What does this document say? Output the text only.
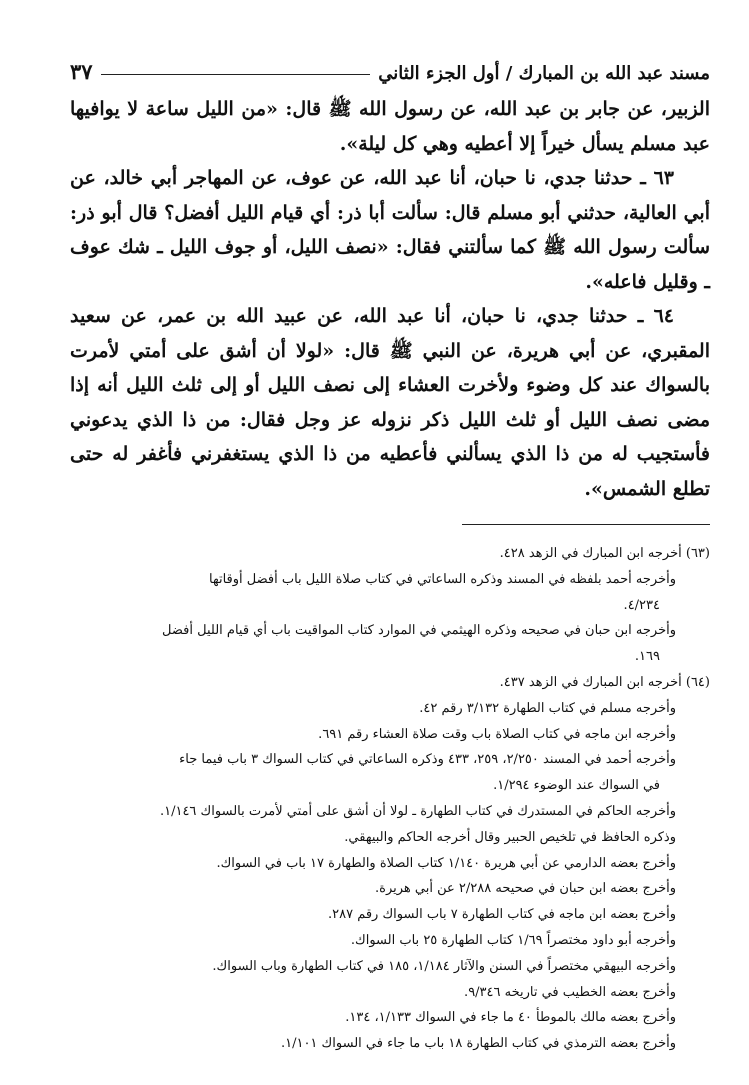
مسند عبد الله بن المبارك / أول الجزء الثاني
٣٧

الزبير، عن جابر بن عبد الله، عن رسول الله ﷺ قال: «من الليل ساعة لا يوافيها عبد مسلم يسأل خيراً إلا أعطيه وهي كل ليلة».

٦٣ ـ حدثنا جدي، نا حبان، أنا عبد الله، عن عوف، عن المهاجر أبي خالد، عن أبي العالية، حدثني أبو مسلم قال: سألت أبا ذر: أي قيام الليل أفضل؟ قال أبو ذر: سألت رسول الله ﷺ كما سألتني فقال: «نصف الليل، أو جوف الليل ـ شك عوف ـ وقليل فاعله».

٦٤ ـ حدثنا جدي، نا حبان، أنا عبد الله، عن عبيد الله بن عمر، عن سعيد المقبري، عن أبي هريرة، عن النبي ﷺ قال: «لولا أن أشق على أمتي لأمرت بالسواك عند كل وضوء ولأخرت العشاء إلى نصف الليل أو إلى ثلث الليل أنه إذا مضى نصف الليل أو ثلث الليل ذكر نزوله عز وجل فقال: من ذا الذي يدعوني فأستجيب له من ذا الذي يسألني فأعطيه من ذا الذي يستغفرني فأغفر له حتى تطلع الشمس».

(٦٣) أخرجه ابن المبارك في الزهد ٤٢٨.
وأخرجه أحمد بلفظه في المسند وذكره الساعاتي في كتاب صلاة الليل باب أفضل أوقاتها
٤/٢٣٤.
وأخرجه ابن حبان في صحيحه وذكره الهيثمي في الموارد كتاب المواقيت باب أي قيام الليل أفضل
١٦٩.
(٦٤) أخرجه ابن المبارك في الزهد ٤٣٧.
وأخرجه مسلم في كتاب الطهارة ٣/١٣٢ رقم ٤٢.
وأخرجه ابن ماجه في كتاب الصلاة باب وقت صلاة العشاء رقم ٦٩١.
وأخرجه أحمد في المسند ٢/٢٥٠، ٢٥٩، ٤٣٣ وذكره الساعاتي في كتاب السواك ٣ باب فيما جاء
في السواك عند الوضوء ١/٢٩٤.
وأخرجه الحاكم في المستدرك في كتاب الطهارة ـ لولا أن أشق على أمتي لأمرت بالسواك ١/١٤٦.
وذكره الحافظ في تلخيص الحبير وقال أخرجه الحاكم والبيهقي.
وأخرج بعضه الدارمي عن أبي هريرة ١/١٤٠ كتاب الصلاة والطهارة ١٧ باب في السواك.
وأخرج بعضه ابن حبان في صحيحه ٢/٢٨٨ عن أبي هريرة.
وأخرج بعضه ابن ماجه في كتاب الطهارة ٧ باب السواك رقم ٢٨٧.
وأخرجه أبو داود مختصراً ١/٦٩ كتاب الطهارة ٢٥ باب السواك.
وأخرجه البيهقي مختصراً في السنن والآثار ١/١٨٤، ١٨٥ في كتاب الطهارة وباب السواك.
وأخرج بعضه الخطيب في تاريخه ٩/٣٤٦.
وأخرج بعضه مالك بالموطأ ٤٠ ما جاء في السواك ١/١٣٣، ١٣٤.
وأخرج بعضه الترمذي في كتاب الطهارة ١٨ باب ما جاء في السواك ١/١٠١.
